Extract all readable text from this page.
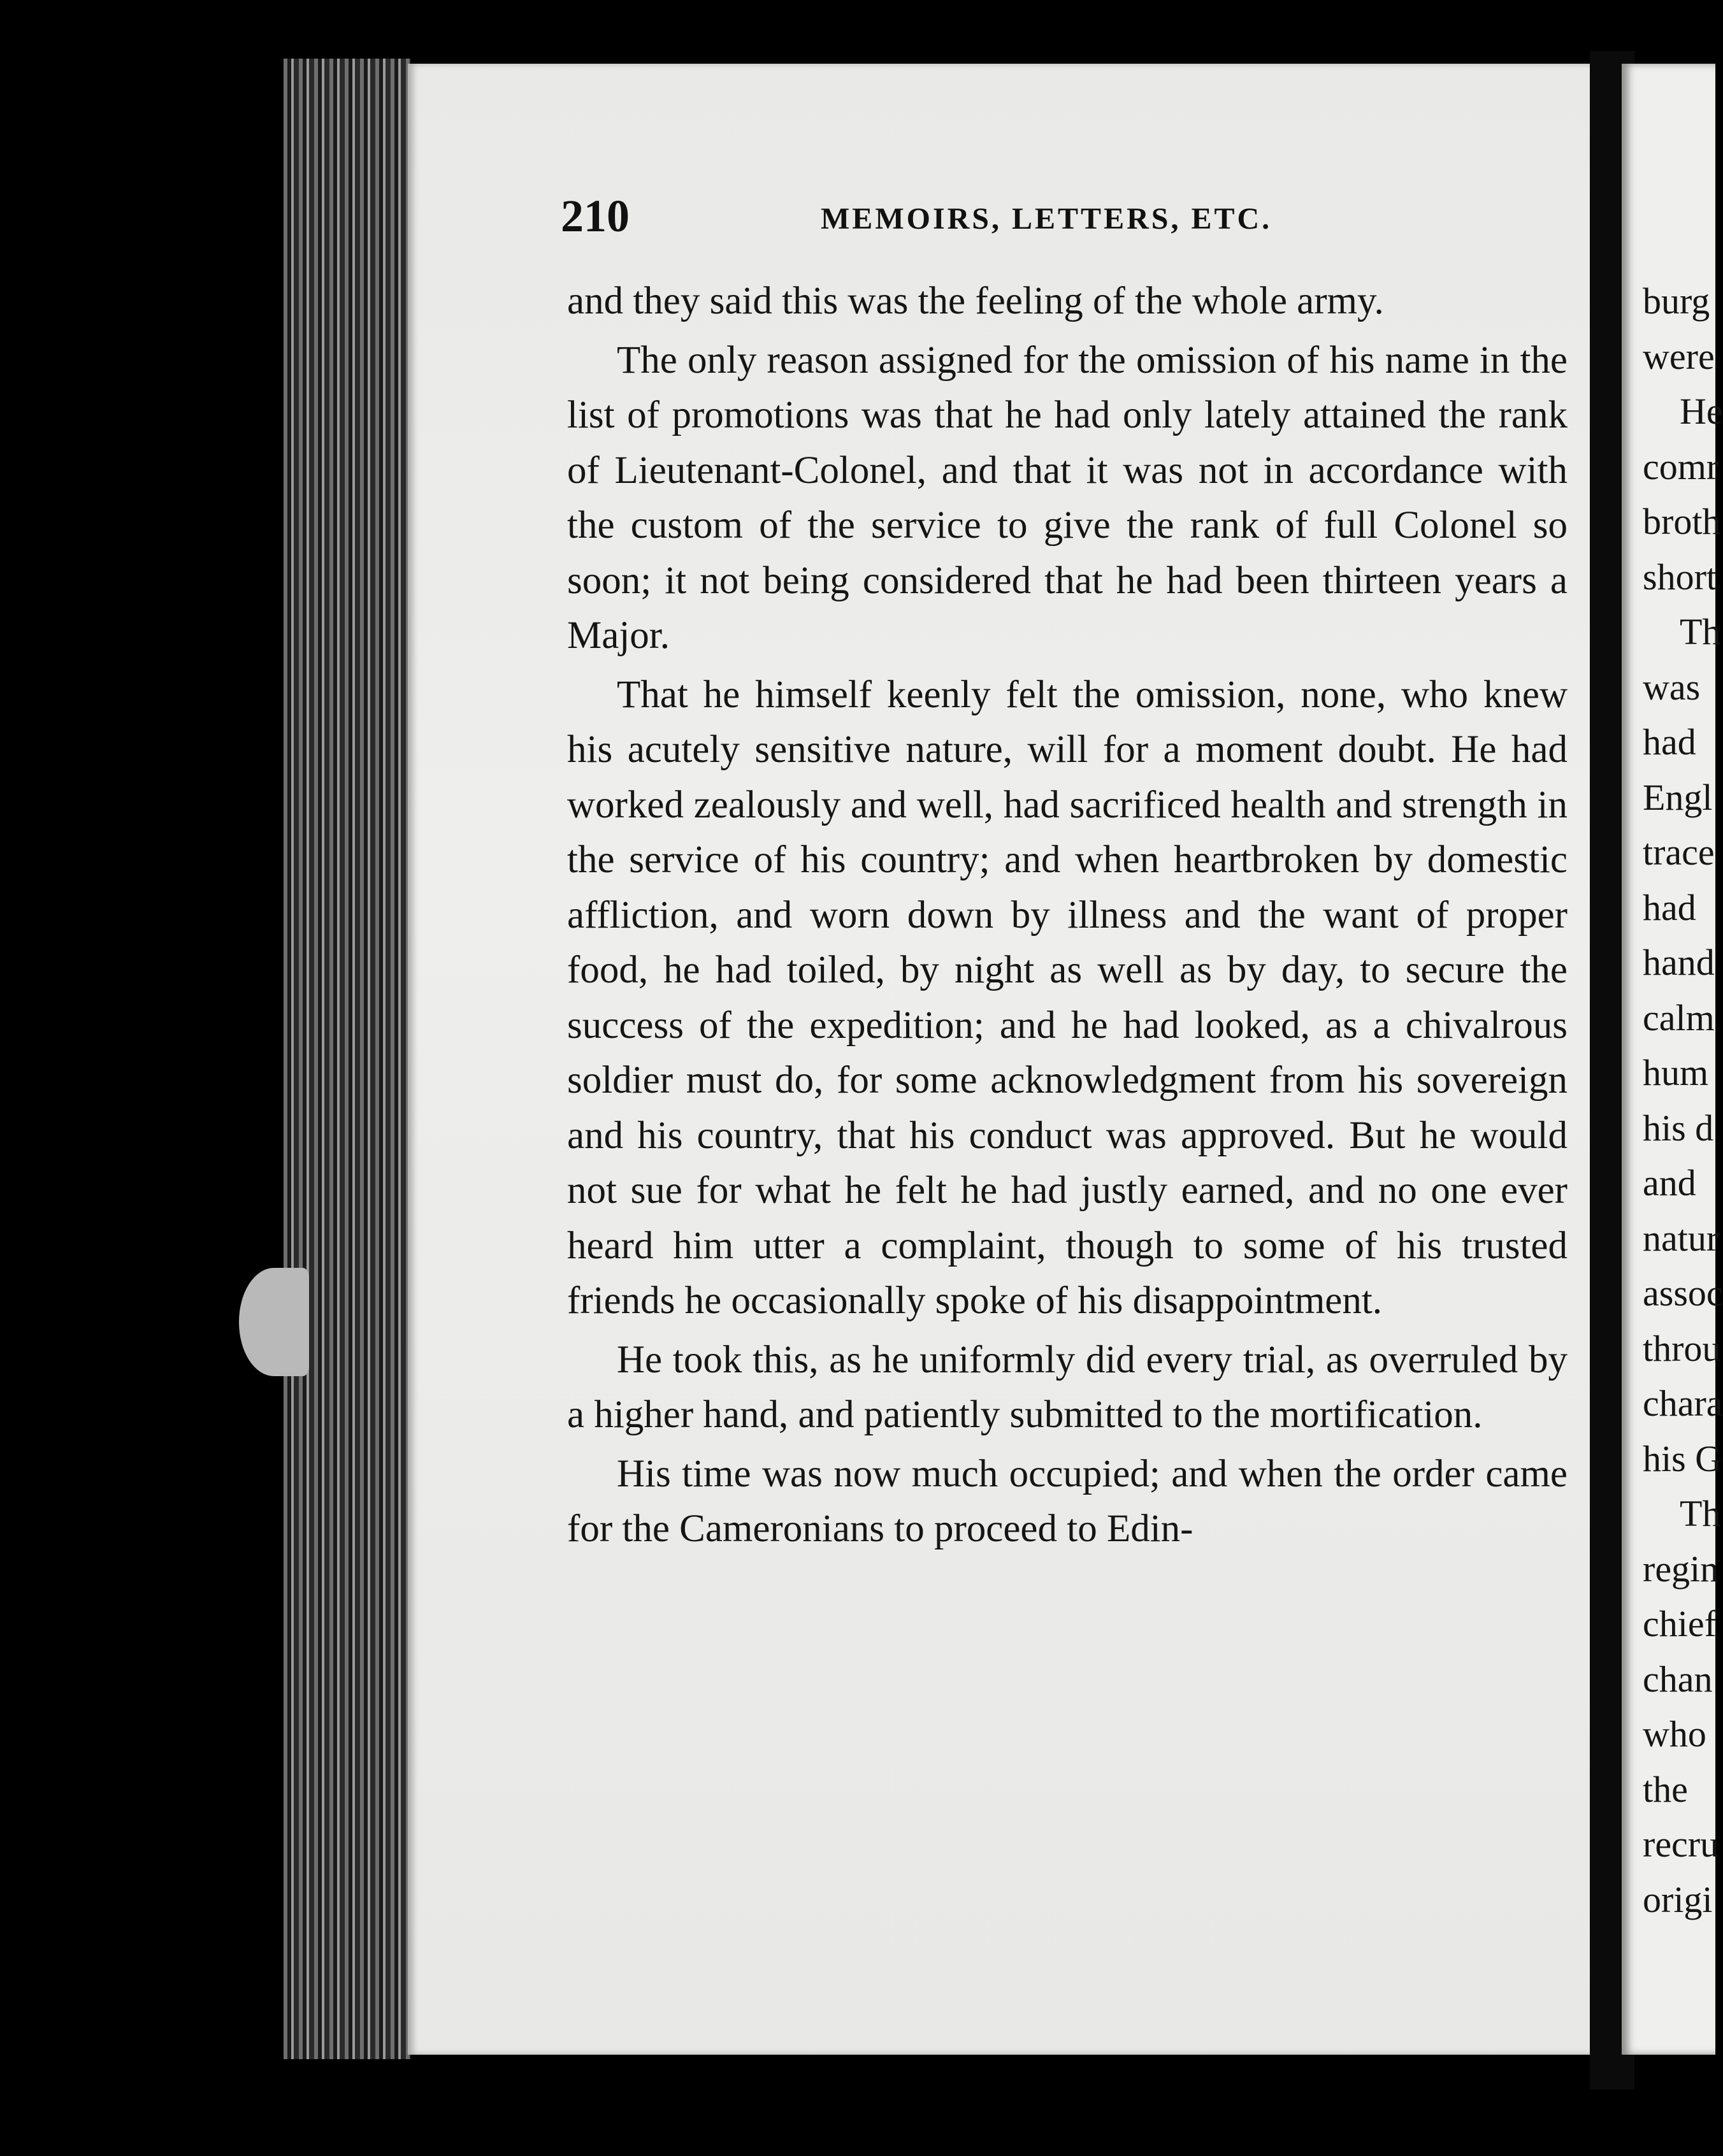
210	MEMOIRS, LETTERS, ETC.

and they said this was the feeling of the whole army.

The only reason assigned for the omission of his name in the list of promotions was that he had only lately attained the rank of Lieutenant-Colonel, and that it was not in accordance with the custom of the service to give the rank of full Colonel so soon; it not being considered that he had been thirteen years a Major.

That he himself keenly felt the omission, none, who knew his acutely sensitive nature, will for a moment doubt. He had worked zealously and well, had sacrificed health and strength in the service of his country; and when heartbroken by domestic affliction, and worn down by illness and the want of proper food, he had toiled, by night as well as by day, to secure the success of the expedition; and he had looked, as a chivalrous soldier must do, for some acknowledgment from his sovereign and his country, that his conduct was approved. But he would not sue for what he felt he had justly earned, and no one ever heard him utter a complaint, though to some of his trusted friends he occasionally spoke of his disappointment.

He took this, as he uniformly did every trial, as overruled by a higher hand, and patiently submitted to the mortification.

His time was now much occupied; and when the order came for the Cameronians to proceed to Edin-

burg
were
He
comr
broth
short
Th
was
had
Engl
trace
had
hand
calm
hum
his d
and
natur
assoc
throu
chara
his G
Th
regin
chief
chan
who
the
recru
origi
